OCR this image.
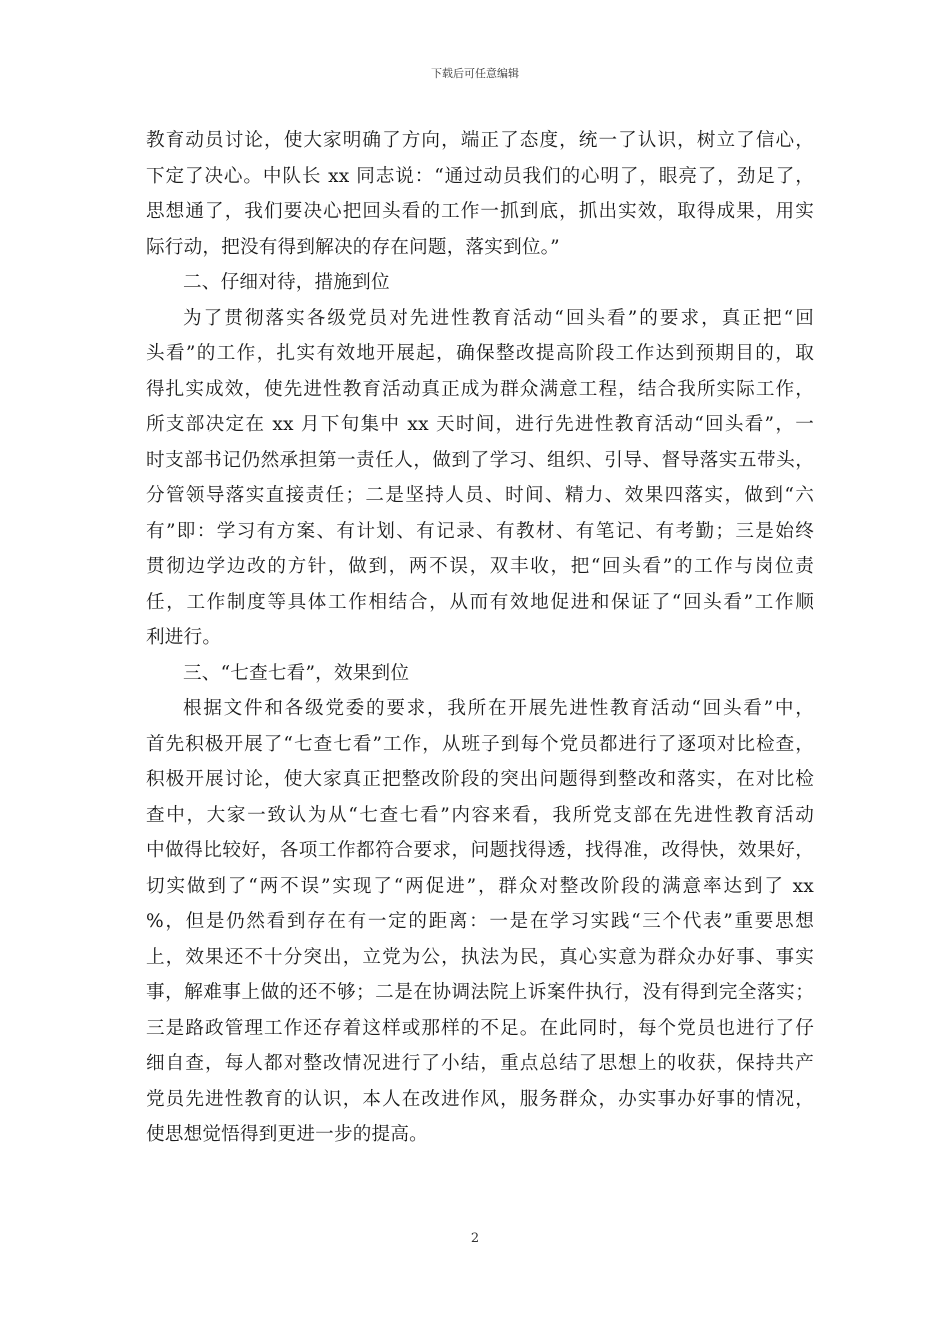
下载后可任意编辑
教育动员讨论，使大家明确了方向，端正了态度，统一了认识，树立了信心，
下定了决心。中队长 xx 同志说：“通过动员我们的心明了，眼亮了，劲足了，
思想通了，我们要决心把回头看的工作一抓到底，抓出实效，取得成果，用实
际行动，把没有得到解决的存在问题，落实到位。”
二、仔细对待，措施到位
为了贯彻落实各级党员对先进性教育活动“回头看”的要求，真正把“回
头看”的工作，扎实有效地开展起，确保整改提高阶段工作达到预期目的，取
得扎实成效，使先进性教育活动真正成为群众满意工程，结合我所实际工作，
所支部决定在 xx 月下旬集中 xx 天时间，进行先进性教育活动“回头看”，一
时支部书记仍然承担第一责任人，做到了学习、组织、引导、督导落实五带头，
分管领导落实直接责任；二是坚持人员、时间、精力、效果四落实，做到“六
有”即：学习有方案、有计划、有记录、有教材、有笔记、有考勤；三是始终
贯彻边学边改的方针，做到，两不误，双丰收，把“回头看”的工作与岗位责
任，工作制度等具体工作相结合，从而有效地促进和保证了“回头看”工作顺
利进行。
三、“七查七看”，效果到位
根据文件和各级党委的要求，我所在开展先进性教育活动“回头看”中，
首先积极开展了“七查七看”工作，从班子到每个党员都进行了逐项对比检查，
积极开展讨论，使大家真正把整改阶段的突出问题得到整改和落实，在对比检
查中，大家一致认为从“七查七看”内容来看，我所党支部在先进性教育活动
中做得比较好，各项工作都符合要求，问题找得透，找得准，改得快，效果好，
切实做到了“两不误”实现了“两促进”，群众对整改阶段的满意率达到了 xx
%，但是仍然看到存在有一定的距离：一是在学习实践“三个代表”重要思想
上，效果还不十分突出，立党为公，执法为民，真心实意为群众办好事、事实
事，解难事上做的还不够；二是在协调法院上诉案件执行，没有得到完全落实；
三是路政管理工作还存着这样或那样的不足。在此同时，每个党员也进行了仔
细自查，每人都对整改情况进行了小结，重点总结了思想上的收获，保持共产
党员先进性教育的认识，本人在改进作风，服务群众，办实事办好事的情况，
使思想觉悟得到更进一步的提高。
2
